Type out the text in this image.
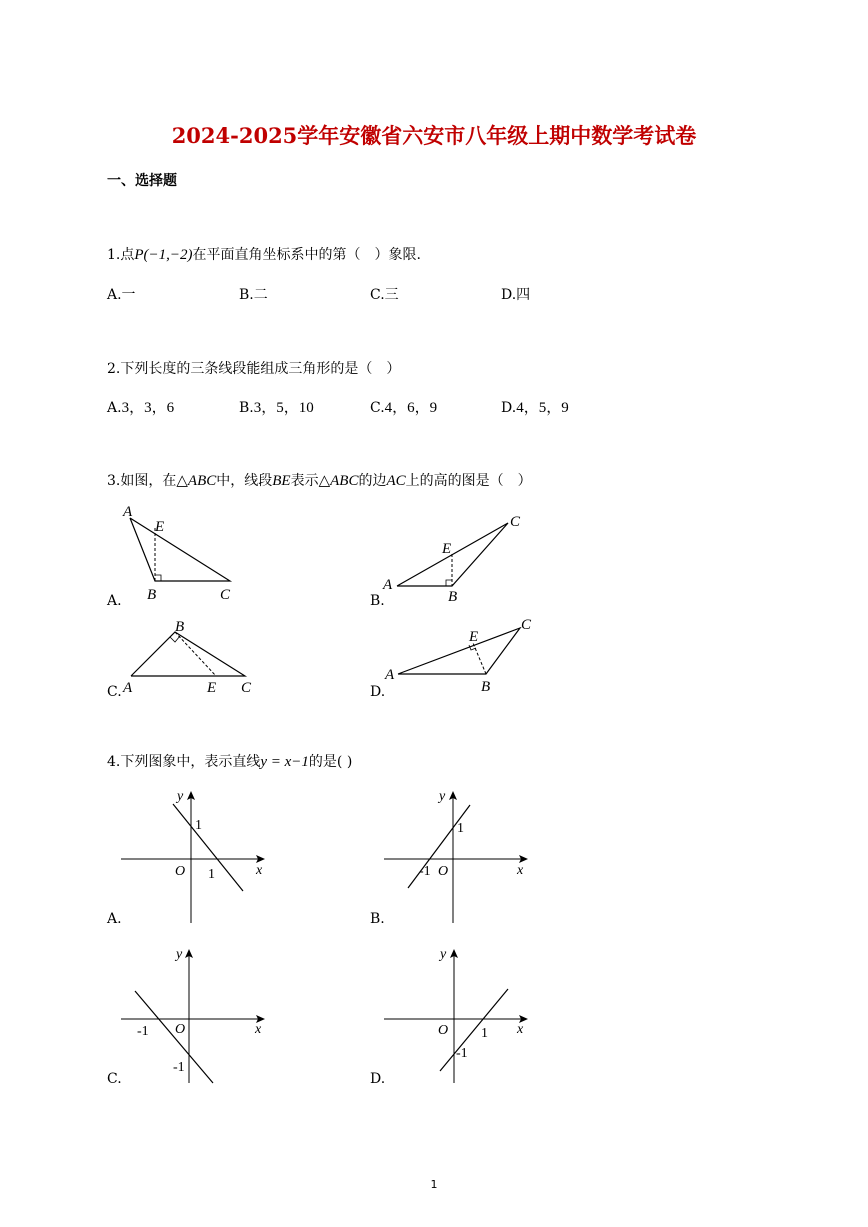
2024-2025学年安徽省六安市八年级上期中数学考试卷
一、选择题
1.点P(−1,−2)在平面直角坐标系中的第（　）象限.
A.一	B.二	C.三	D.四
2.下列长度的三条线段能组成三角形的是（　）
A.3，3，6	B.3，5，10	C.4，6，9	D.4，5，9
3.如图，在△ABC中，线段BE表示△ABC的边AC上的高的图是（　）
A
E
B	C
A.
C
E
A
B
B.
B
A	E C
C.
C
E
A
B
D.
4.下列图象中，表示直线y = x−1的是( )
y
x
O
1
1
A.
y
x
-1 O
1
B.
y
x
-1 O
-1
C.
y
x
O 1
-1
D.
1
